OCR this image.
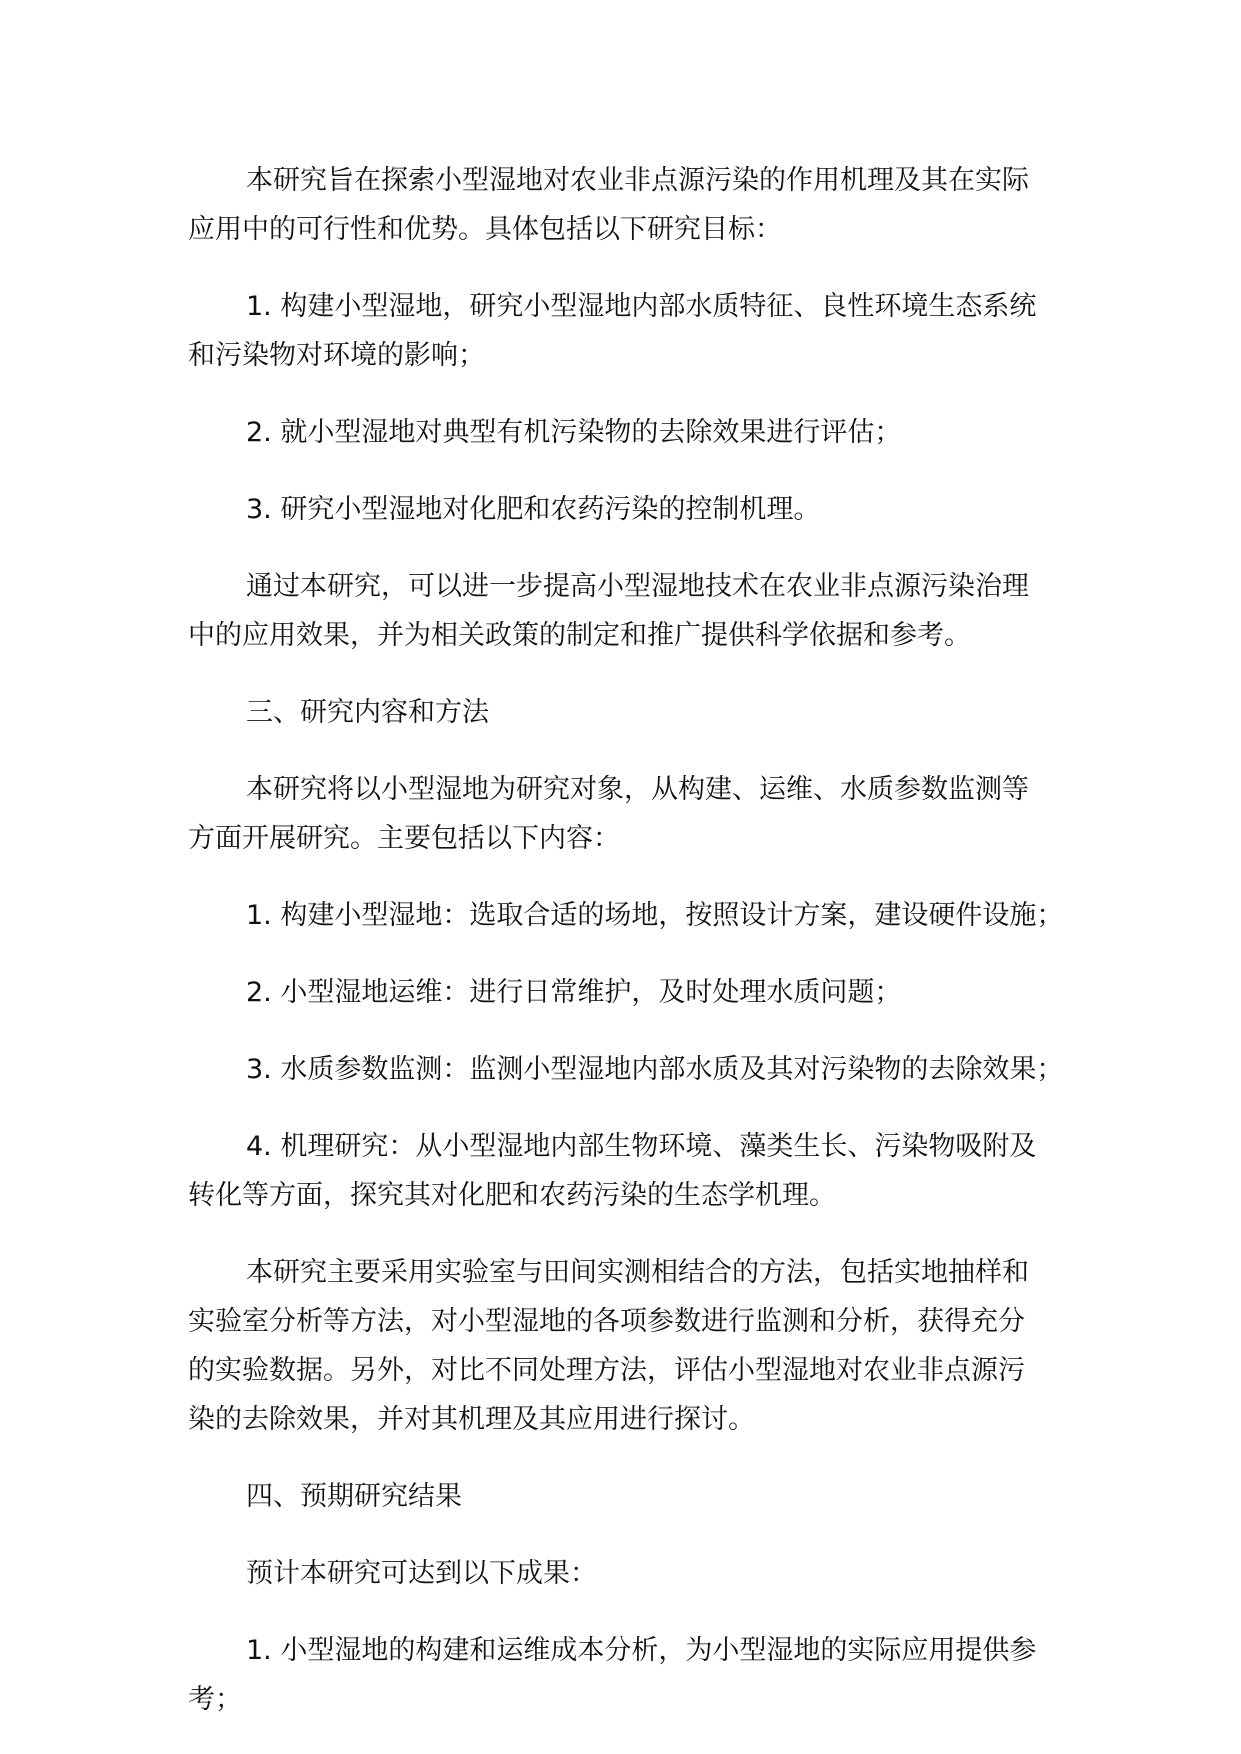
本研究旨在探索小型湿地对农业非点源污染的作用机理及其在实际
应用中的可行性和优势。具体包括以下研究目标：
1. 构建小型湿地，研究小型湿地内部水质特征、良性环境生态系统
和污染物对环境的影响；
2. 就小型湿地对典型有机污染物的去除效果进行评估；
3. 研究小型湿地对化肥和农药污染的控制机理。
通过本研究，可以进一步提高小型湿地技术在农业非点源污染治理
中的应用效果，并为相关政策的制定和推广提供科学依据和参考。
三、研究内容和方法
本研究将以小型湿地为研究对象，从构建、运维、水质参数监测等
方面开展研究。主要包括以下内容：
1. 构建小型湿地：选取合适的场地，按照设计方案，建设硬件设施；
2. 小型湿地运维：进行日常维护，及时处理水质问题；
3. 水质参数监测：监测小型湿地内部水质及其对污染物的去除效果；
4. 机理研究：从小型湿地内部生物环境、藻类生长、污染物吸附及
转化等方面，探究其对化肥和农药污染的生态学机理。
本研究主要采用实验室与田间实测相结合的方法，包括实地抽样和
实验室分析等方法，对小型湿地的各项参数进行监测和分析，获得充分
的实验数据。另外，对比不同处理方法，评估小型湿地对农业非点源污
染的去除效果，并对其机理及其应用进行探讨。
四、预期研究结果
预计本研究可达到以下成果：
1. 小型湿地的构建和运维成本分析，为小型湿地的实际应用提供参
考；
